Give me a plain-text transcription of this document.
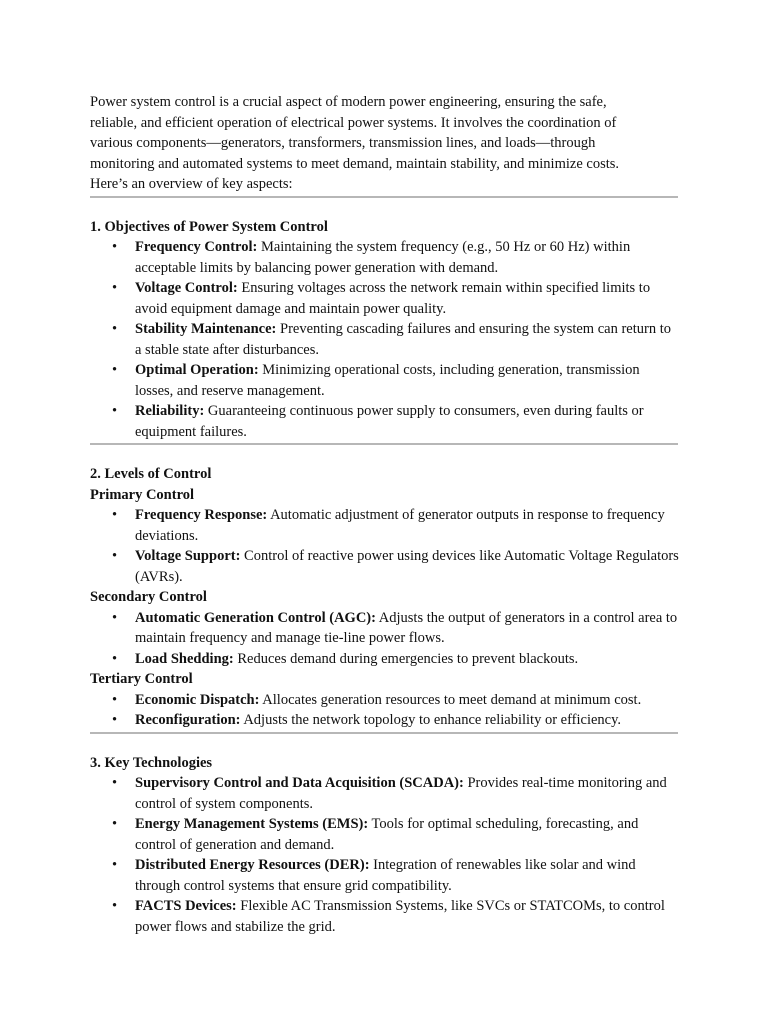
Power system control is a crucial aspect of modern power engineering, ensuring the safe, reliable, and efficient operation of electrical power systems. It involves the coordination of various components—generators, transformers, transmission lines, and loads—through monitoring and automated systems to meet demand, maintain stability, and minimize costs. Here’s an overview of key aspects:

1. Objectives of Power System Control
• Frequency Control: Maintaining the system frequency (e.g., 50 Hz or 60 Hz) within acceptable limits by balancing power generation with demand.
• Voltage Control: Ensuring voltages across the network remain within specified limits to avoid equipment damage and maintain power quality.
• Stability Maintenance: Preventing cascading failures and ensuring the system can return to a stable state after disturbances.
• Optimal Operation: Minimizing operational costs, including generation, transmission losses, and reserve management.
• Reliability: Guaranteeing continuous power supply to consumers, even during faults or equipment failures.
2. Levels of Control
Primary Control
• Frequency Response: Automatic adjustment of generator outputs in response to frequency deviations.
• Voltage Support: Control of reactive power using devices like Automatic Voltage Regulators (AVRs).
Secondary Control
• Automatic Generation Control (AGC): Adjusts the output of generators in a control area to maintain frequency and manage tie-line power flows.
• Load Shedding: Reduces demand during emergencies to prevent blackouts.
Tertiary Control
• Economic Dispatch: Allocates generation resources to meet demand at minimum cost.
• Reconfiguration: Adjusts the network topology to enhance reliability or efficiency.
3. Key Technologies
• Supervisory Control and Data Acquisition (SCADA): Provides real-time monitoring and control of system components.
• Energy Management Systems (EMS): Tools for optimal scheduling, forecasting, and control of generation and demand.
• Distributed Energy Resources (DER): Integration of renewables like solar and wind through control systems that ensure grid compatibility.
• FACTS Devices: Flexible AC Transmission Systems, like SVCs or STATCOMs, to control power flows and stabilize the grid.
